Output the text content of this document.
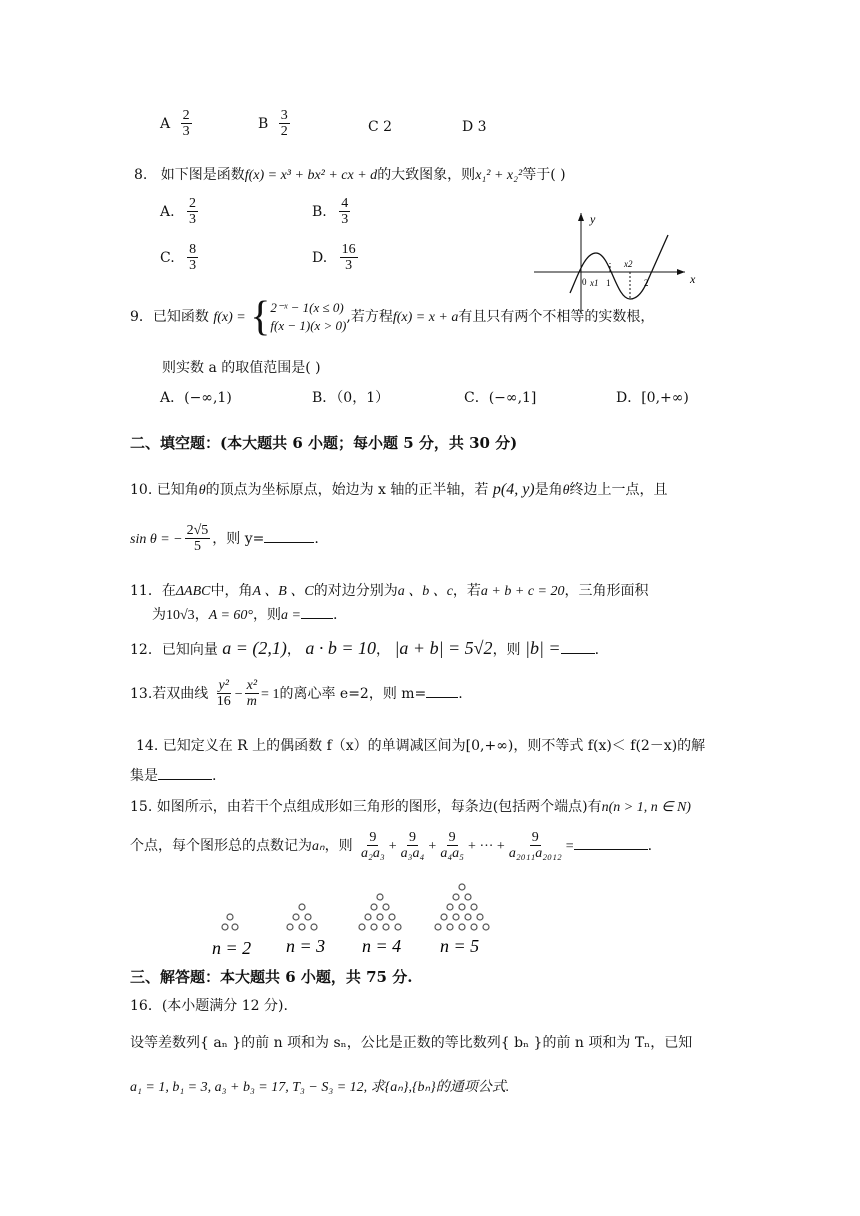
A $\frac{2}{3}$	B $\frac{3}{2}$	C 2	D 3
8. 如下图是函数f(x) = x³ + bx² + cx + d的大致图象，则x₁² + x₂²等于( )
A. $\frac{2}{3}$	B. $\frac{4}{3}$
C. $\frac{8}{3}$	D. $\frac{16}{3}$
y
x
0 x1 1
x2
2
9．已知函数 f(x) = { 2⁻ˣ − 1(x ≤ 0)
f(x − 1)(x > 0)
,若方程f(x) = x + a有且只有两个不相等的实数根，
则实数 a 的取值范围是( )
A．(−∞,1)	B．（0，1）	C．(−∞,1]	D．[0,+∞)
二、填空题：(本大题共 6 小题；每小题 5 分，共 30 分)
10. 已知角θ的顶点为坐标原点，始边为 x 轴的正半轴，若 p(4, y)是角θ终边上一点，且
sin θ = − $\frac{2√5}{5}$ ，则 y=	.
11．在ΔABC中，角A 、B 、C的对边分别为a 、b 、c，若a + b + c = 20，三角形面积
为10√3，A = 60°，则a = .
12．已知向量 a = (2,1)， a · b = 10， |a + b| = 5√2，则 |b| = .
13.若双曲线 $\frac{\text{y²}}{16} - \frac{\text{x²}}{m} = 1$的离心率 e=2，则 m= .
14. 已知定义在 R 上的偶函数 f（x）的单调减区间为[0,+∞)，则不等式 f(x)＜ f(2－x)的解
集是	.
15. 如图所示，由若干个点组成形如三角形的图形，每条边(包括两个端点)有n(n > 1, n ∈ N)
个点，每个图形总的点数记为aₙ，则 $\frac{9}{\text{a₂a₃}} + \frac{9}{\text{a₃a₄}} + \frac{9}{\text{a₄a₅}}$ + ··· + $\frac{9}{\text{a₂₀₁₁a₂₀₁₂}}$ =	.
n = 2 n = 3 n = 4 n = 5
三、解答题：本大题共 6 小题，共 75 分.
16．(本小题满分 12 分).
设等差数列{ aₙ }的前 n 项和为 sₙ，公比是正数的等比数列{ bₙ }的前 n 项和为 Tₙ，已知
a₁ = 1, b₁ = 3, a₃ + b₃ = 17, T₃ − S₃ = 12, 求{aₙ},{bₙ}的通项公式.
